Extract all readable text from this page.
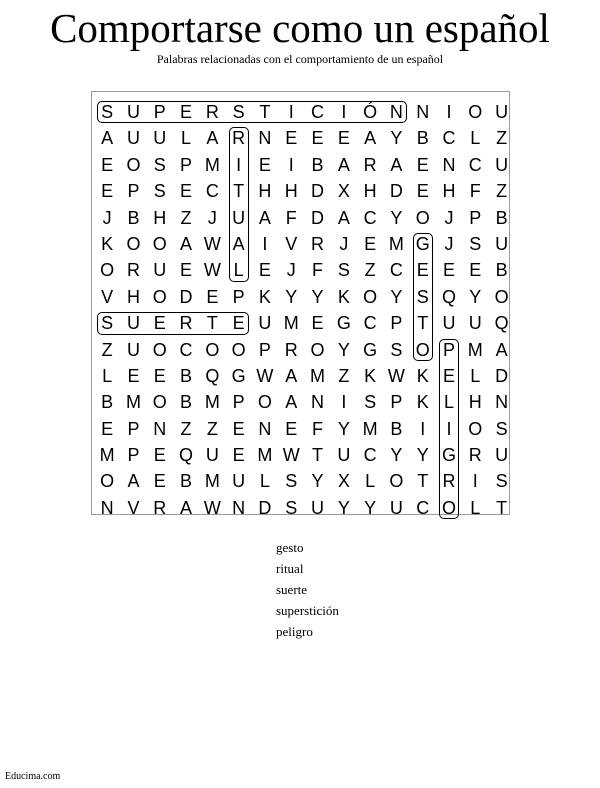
Comportarse como un español
Palabras relacionadas con el comportamiento de un español
S U P E R S T I C I Ó N N I O U
A U U L A R N E E E A Y B C L Z
E O S P M I E I B A R A E N C U
E P S E C T H H D X H D E H F Z
J B H Z J U A F D A C Y O J P B
K O O A W A I V R J E M G J S U
O R U E W L E J F S Z C E E E B
V H O D E P K Y Y K O Y S Q Y O
S U E R T E U M E G C P T U U Q
Z U O C O O P R O Y G S O P M A
L E E B Q G W A M Z K W K E L D
B M O B M P O A N I S P K L H N
E P N Z Z E N E F Y M B I I O S
M P E Q U E M W T U C Y Y G R U
O A E B M U L S Y X L O T R I S
N V R A W N D S U Y Y U C O L T
gesto
ritual
suerte
superstición
peligro
Educima.com
